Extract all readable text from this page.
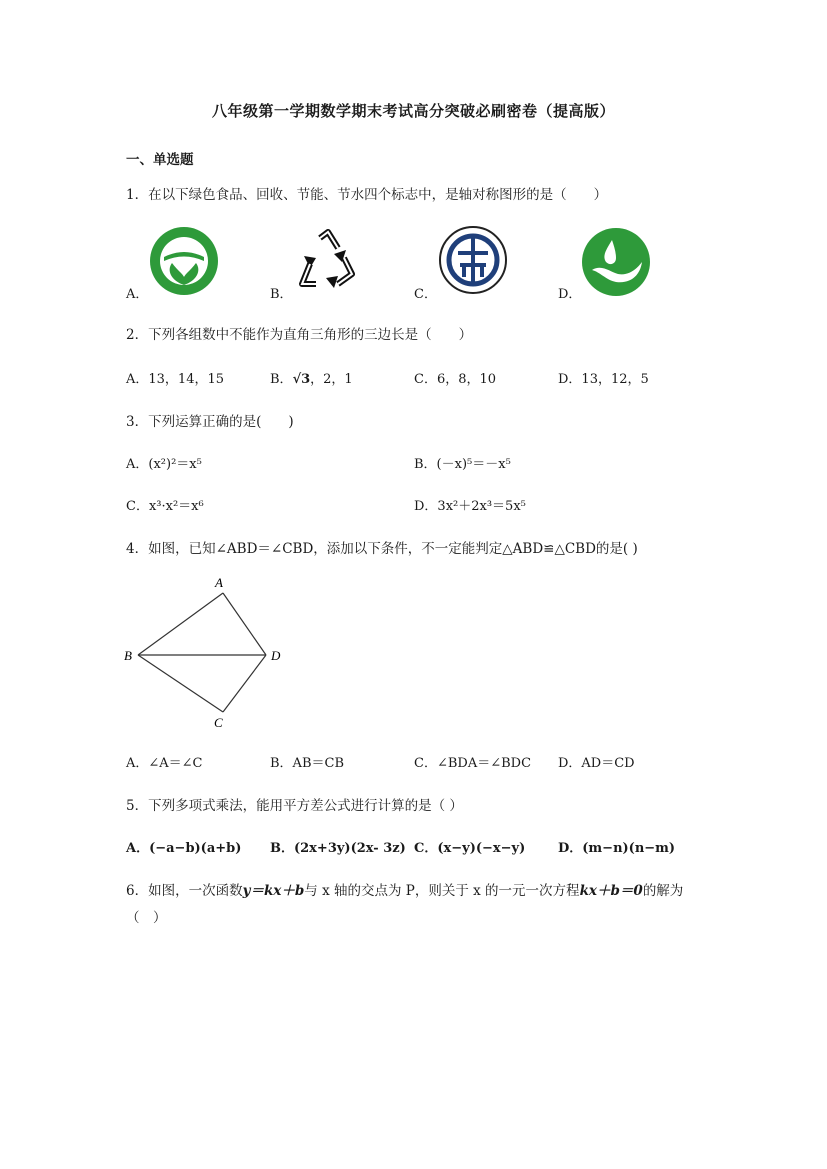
八年级第一学期数学期末考试高分突破必刷密卷（提高版）
一、单选题
1．在以下绿色食品、回收、节能、节水四个标志中，是轴对称图形的是（　　）
A．	B．	C．	D．
2．下列各组数中不能作为直角三角形的三边长是（　　）
A．13，14，15	B．√3，2，1	C．6，8，10	D．13，12，5
3．下列运算正确的是(　　)
A．(x²)²＝x⁵	B．(－x)⁵＝－x⁵
C．x³·x²＝x⁶	D．3x²＋2x³＝5x⁵
4．如图，已知∠ABD＝∠CBD，添加以下条件，不一定能判定△ABD≌△CBD的是( )
A
B
C
D
A．∠A＝∠C	B．AB＝CB	C．∠BDA＝∠BDC D．AD＝CD
5．下列多项式乘法，能用平方差公式进行计算的是（ ）
A．(−a−b)(a+b) B．(2x+3y)(2x- 3z) C．(x−y)(−x−y)	D．(m−n)(n−m)
6．如图，一次函数y＝kx＋b与 x 轴的交点为 P，则关于 x 的一元一次方程kx＋b＝0的解为
（　）
